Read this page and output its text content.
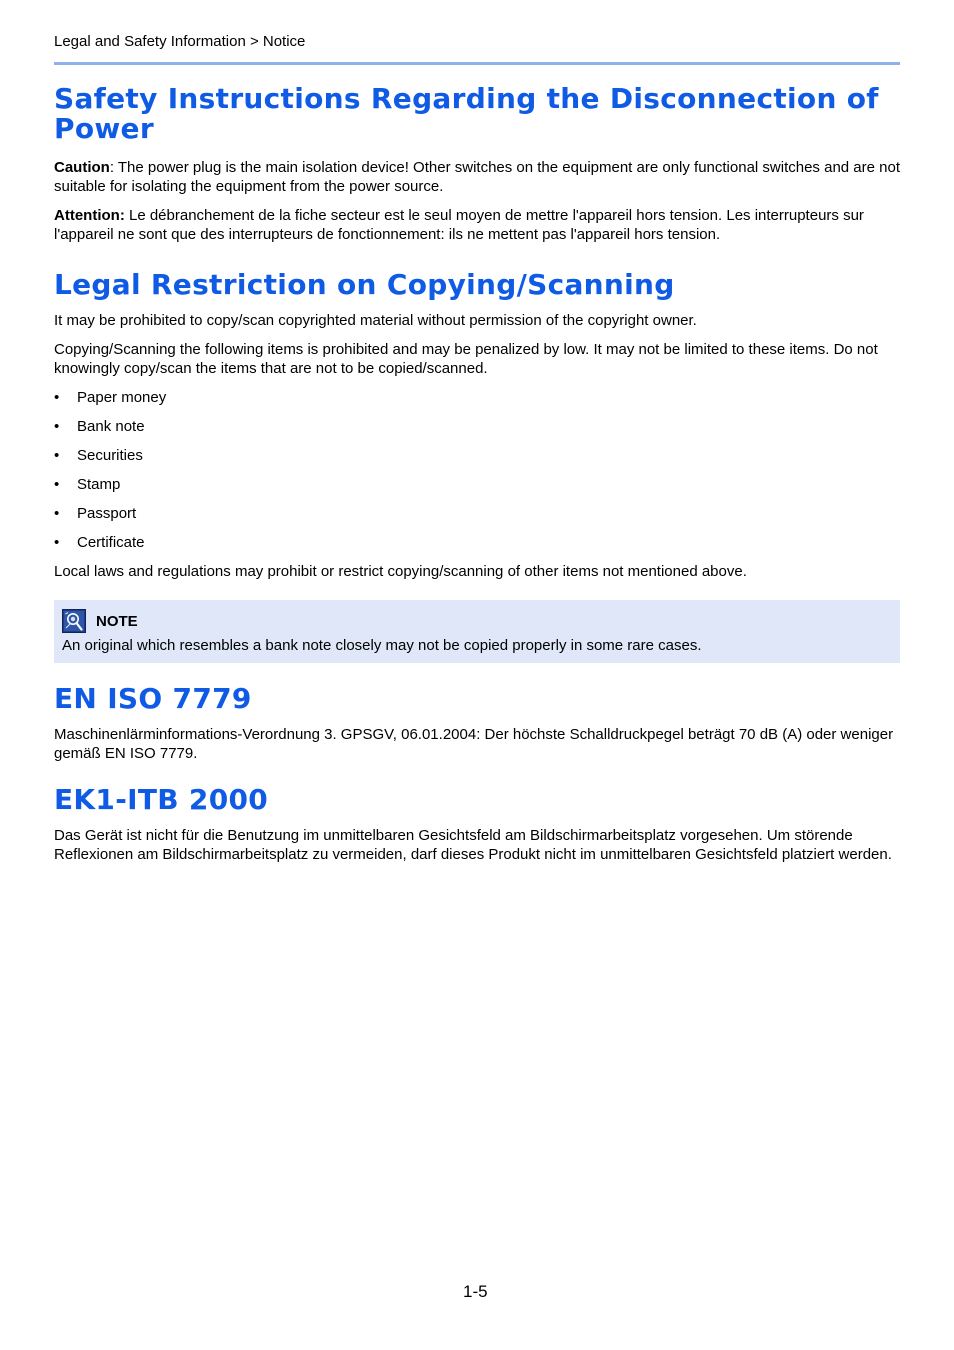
Legal and Safety Information > Notice
Safety Instructions Regarding the Disconnection of Power

Caution: The power plug is the main isolation device! Other switches on the equipment are only functional switches and are not suitable for isolating the equipment from the power source.

Attention: Le débranchement de la fiche secteur est le seul moyen de mettre l'appareil hors tension. Les interrupteurs sur l'appareil ne sont que des interrupteurs de fonctionnement: ils ne mettent pas l'appareil hors tension.

Legal Restriction on Copying/Scanning

It may be prohibited to copy/scan copyrighted material without permission of the copyright owner.

Copying/Scanning the following items is prohibited and may be penalized by low. It may not be limited to these items. Do not knowingly copy/scan the items that are not to be copied/scanned.

• Paper money
• Bank note
• Securities
• Stamp
• Passport
• Certificate

Local laws and regulations may prohibit or restrict copying/scanning of other items not mentioned above.

NOTE

An original which resembles a bank note closely may not be copied properly in some rare cases.

EN ISO 7779

Maschinenlärminformations-Verordnung 3. GPSGV, 06.01.2004: Der höchste Schalldruckpegel beträgt 70 dB (A) oder weniger gemäß EN ISO 7779.

EK1-ITB 2000

Das Gerät ist nicht für die Benutzung im unmittelbaren Gesichtsfeld am Bildschirmarbeitsplatz vorgesehen. Um störende Reflexionen am Bildschirmarbeitsplatz zu vermeiden, darf dieses Produkt nicht im unmittelbaren Gesichtsfeld platziert werden.

1-5
